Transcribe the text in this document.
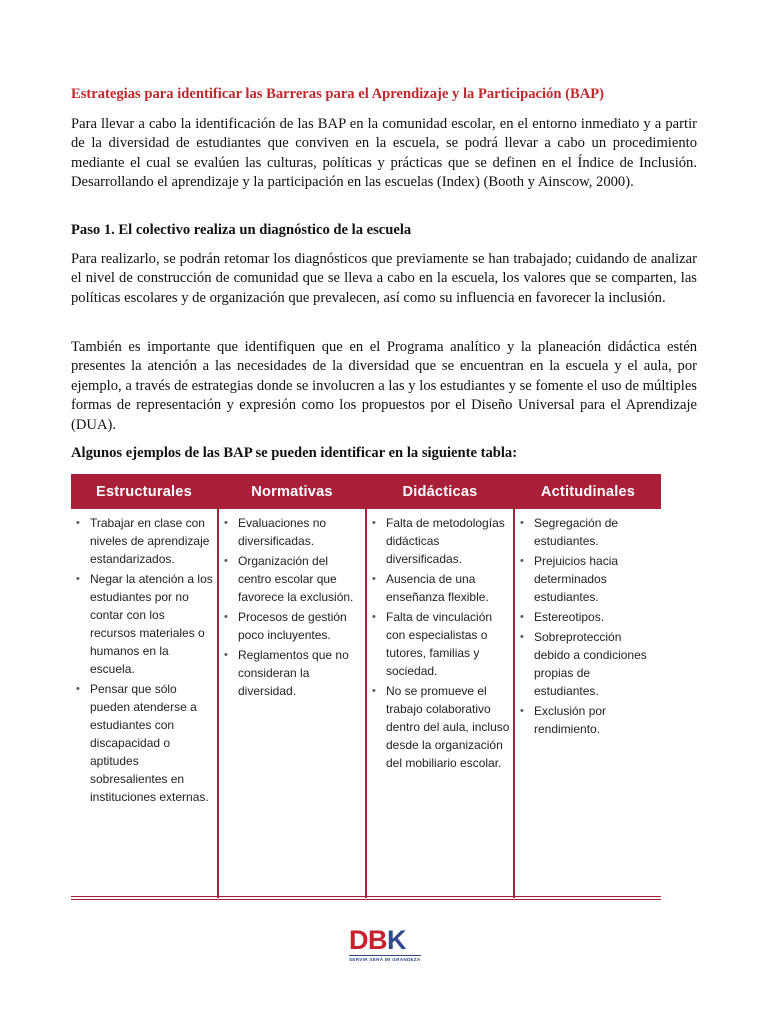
Estrategias para identificar las Barreras para el Aprendizaje y la Participación (BAP)

Para llevar a cabo la identificación de las BAP en la comunidad escolar, en el entorno inmediato y a partir de la diversidad de estudiantes que conviven en la escuela, se podrá llevar a cabo un procedimiento mediante el cual se evalúen las culturas, políticas y prácticas que se definen en el Índice de Inclusión. Desarrollando el aprendizaje y la participación en las escuelas (Index) (Booth y Ainscow, 2000).

Paso 1. El colectivo realiza un diagnóstico de la escuela

Para realizarlo, se podrán retomar los diagnósticos que previamente se han trabajado; cuidando de analizar el nivel de construcción de comunidad que se lleva a cabo en la escuela, los valores que se comparten, las políticas escolares y de organización que prevalecen, así como su influencia en favorecer la inclusión.

También es importante que identifiquen que en el Programa analítico y la planeación didáctica estén presentes la atención a las necesidades de la diversidad que se encuentran en la escuela y el aula, por ejemplo, a través de estrategias donde se involucren a las y los estudiantes y se fomente el uso de múltiples formas de representación y expresión como los propuestos por el Diseño Universal para el Aprendizaje (DUA).

Algunos ejemplos de las BAP se pueden identificar en la siguiente tabla:
Estructurales
• Trabajar en clase con niveles de aprendizaje estandarizados.
• Negar la atención a los estudiantes por no contar con los recursos materiales o humanos en la escuela.
• Pensar que sólo pueden atenderse a estudiantes con discapacidad o aptitudes sobresalientes en instituciones externas.
Normativas
• Evaluaciones no diversificadas.
• Organización del centro escolar que favorece la exclusión.
• Procesos de gestión poco incluyentes.
• Reglamentos que no consideran la diversidad.
Didácticas
• Falta de metodologías didácticas diversificadas.
• Ausencia de una enseñanza flexible.
• Falta de vinculación con especialistas o tutores, familias y sociedad.
• No se promueve el trabajo colaborativo dentro del aula, incluso desde la organización del mobiliario escolar.
Actitudinales
• Segregación de estudiantes.
• Prejuicios hacia determinados estudiantes.
• Estereotipos.
• Sobreprotección debido a condiciones propias de estudiantes.
• Exclusión por rendimiento.
D B K
SERVIR SERÁ MI GRANDEZA
